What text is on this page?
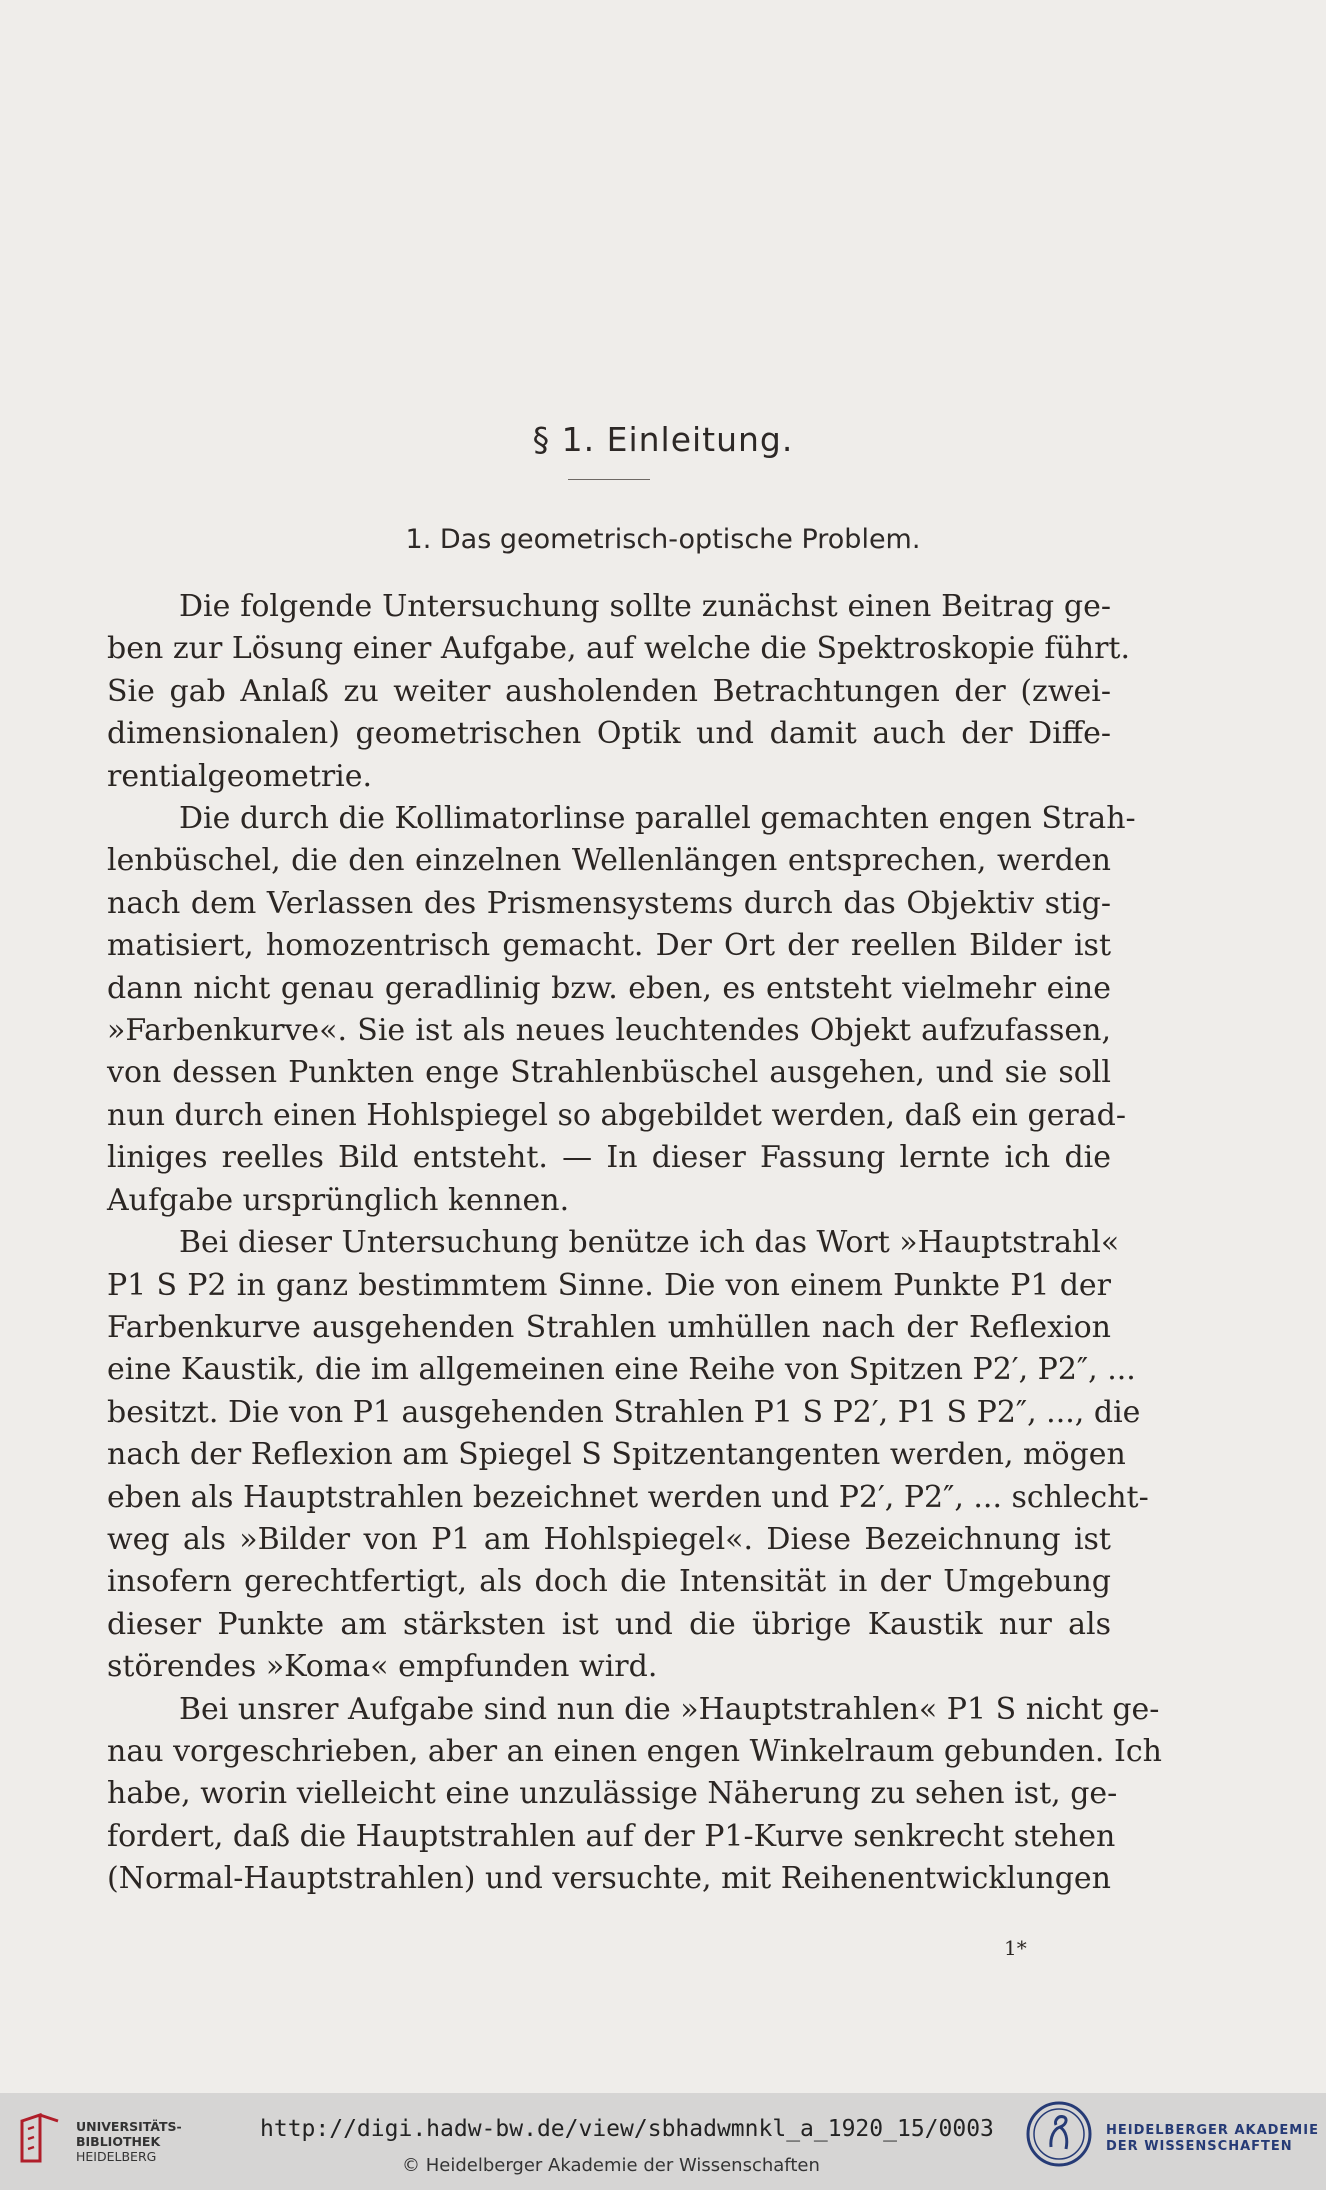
§ 1. Einleitung.
1. Das geometrisch-optische Problem.
Die folgende Untersuchung sollte zunächst einen Beitrag ge-
ben zur Lösung einer Aufgabe, auf welche die Spektroskopie führt.
Sie gab Anlaß zu weiter ausholenden Betrachtungen der (zwei-
dimensionalen) geometrischen Optik und damit auch der Diffe-
rentialgeometrie.
Die durch die Kollimatorlinse parallel gemachten engen Strah-
lenbüschel, die den einzelnen Wellenlängen entsprechen, werden
nach dem Verlassen des Prismensystems durch das Objektiv stig-
matisiert, homozentrisch gemacht. Der Ort der reellen Bilder ist
dann nicht genau geradlinig bzw. eben, es entsteht vielmehr eine
»Farbenkurve«. Sie ist als neues leuchtendes Objekt aufzufassen,
von dessen Punkten enge Strahlenbüschel ausgehen, und sie soll
nun durch einen Hohlspiegel so abgebildet werden, daß ein gerad-
liniges reelles Bild entsteht. — In dieser Fassung lernte ich die
Aufgabe ursprünglich kennen.
Bei dieser Untersuchung benütze ich das Wort »Hauptstrahl«
P1 S P2 in ganz bestimmtem Sinne. Die von einem Punkte P1 der
Farbenkurve ausgehenden Strahlen umhüllen nach der Reflexion
eine Kaustik, die im allgemeinen eine Reihe von Spitzen P2′, P2″, ...
besitzt. Die von P1 ausgehenden Strahlen P1 S P2′, P1 S P2″, ..., die
nach der Reflexion am Spiegel S Spitzentangenten werden, mögen
eben als Hauptstrahlen bezeichnet werden und P2′, P2″, ... schlecht-
weg als »Bilder von P1 am Hohlspiegel«. Diese Bezeichnung ist
insofern gerechtfertigt, als doch die Intensität in der Umgebung
dieser Punkte am stärksten ist und die übrige Kaustik nur als
störendes »Koma« empfunden wird.
Bei unsrer Aufgabe sind nun die »Hauptstrahlen« P1 S nicht ge-
nau vorgeschrieben, aber an einen engen Winkelraum gebunden. Ich
habe, worin vielleicht eine unzulässige Näherung zu sehen ist, ge-
fordert, daß die Hauptstrahlen auf der P1-Kurve senkrecht stehen
(Normal-Hauptstrahlen) und versuchte, mit Reihenentwicklungen
1*
UNIVERSITÄTS-
BIBLIOTHEK
HEIDELBERG
http://digi.hadw-bw.de/view/sbhadwmnkl_a_1920_15/0003
© Heidelberger Akademie der Wissenschaften
HEIDELBERGER AKADEMIE
DER WISSENSCHAFTEN
